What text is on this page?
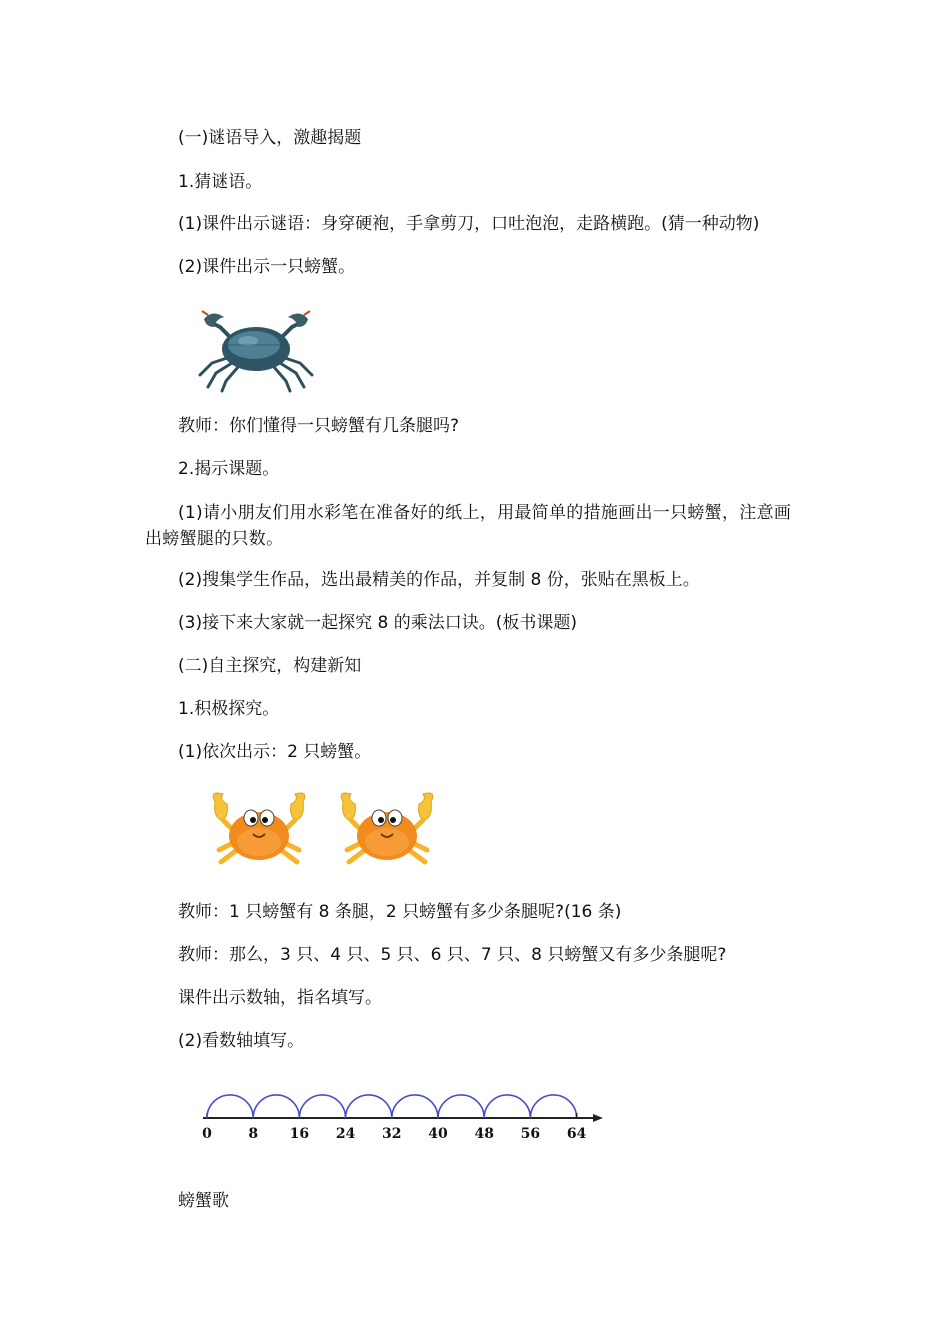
(一)谜语导入，激趣揭题
1.猜谜语。
(1)课件出示谜语：身穿硬袍，手拿剪刀，口吐泡泡，走路横跑。(猜一种动物)
(2)课件出示一只螃蟹。
教师：你们懂得一只螃蟹有几条腿吗?
2.揭示课题。
(1)请小朋友们用水彩笔在准备好的纸上，用最简单的措施画出一只螃蟹，注意画出螃蟹腿的只数。
(2)搜集学生作品，选出最精美的作品，并复制 8 份，张贴在黑板上。
(3)接下来大家就一起探究 8 的乘法口诀。(板书课题)
(二)自主探究，构建新知
1.积极探究。
(1)依次出示：2 只螃蟹。
教师：1 只螃蟹有 8 条腿，2 只螃蟹有多少条腿呢?(16 条)
教师：那么，3 只、4 只、5 只、6 只、7 只、8 只螃蟹又有多少条腿呢?
课件出示数轴，指名填写。
(2)看数轴填写。
0	8 16 24 32 40 48 56 64
螃蟹歌
